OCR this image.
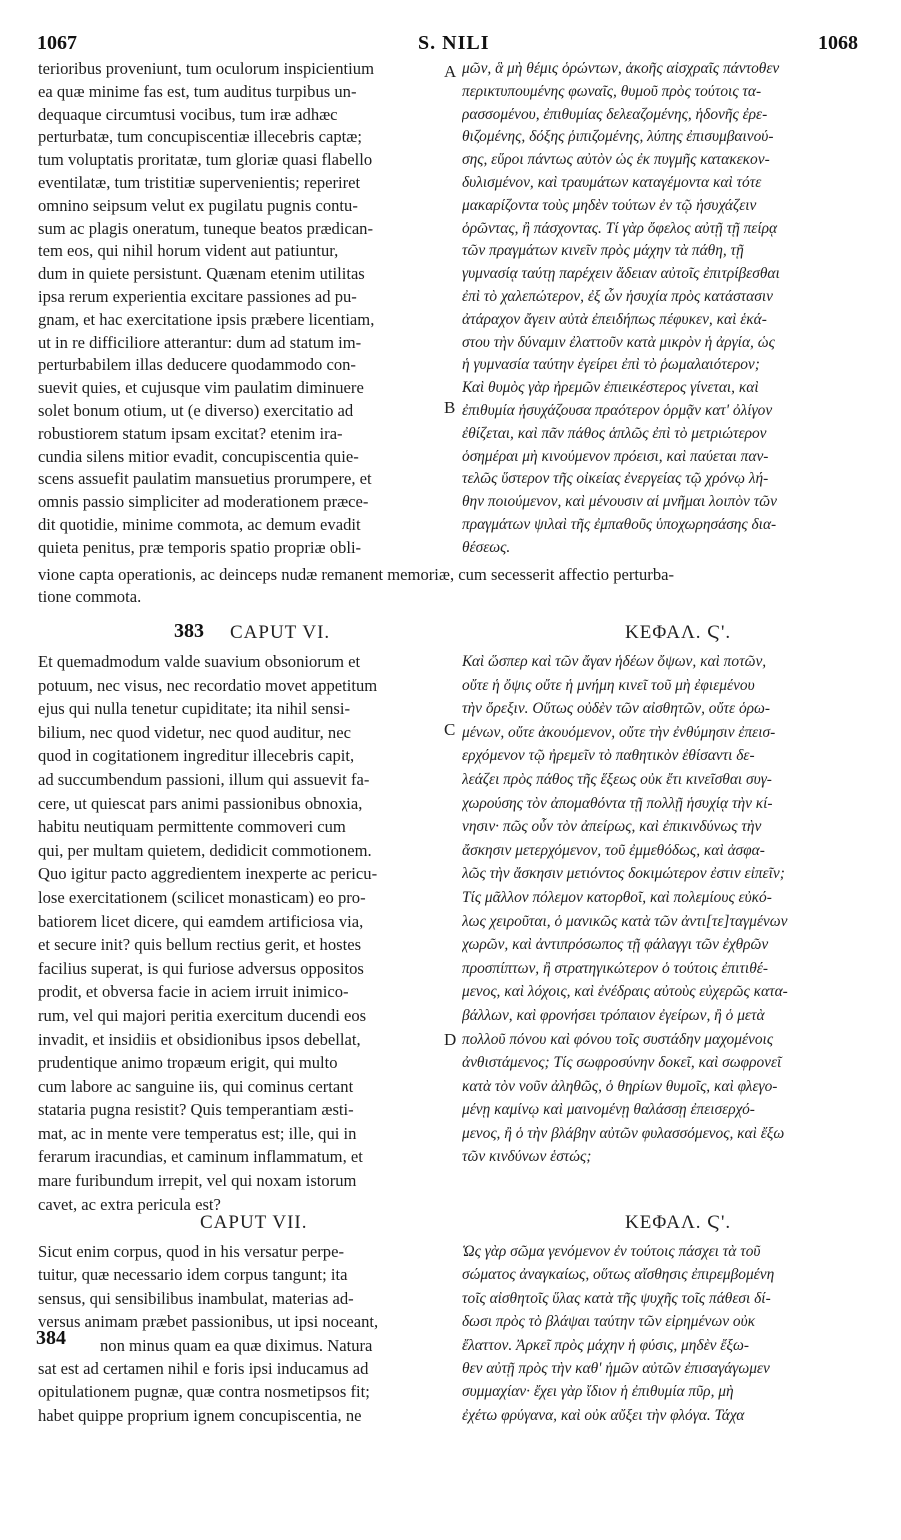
1067	S. NILI	1068
A
B
C
D
383
384
terioribus proveniunt, tum oculorum inspicientium
ea quæ minime fas est, tum auditus turpibus un-
dequaque circumtusi vocibus, tum iræ adhæc
perturbatæ, tum concupiscentiæ illecebris captæ;
tum voluptatis proritatæ, tum gloriæ quasi flabello
eventilatæ, tum tristitiæ supervenientis; reperiret
omnino seipsum velut ex pugilatu pugnis contu-
sum ac plagis oneratum, tuneque beatos prædican-
tem eos, qui nihil horum vident aut patiuntur,
dum in quiete persistunt. Quænam etenim utilitas
ipsa rerum experientia excitare passiones ad pu-
gnam, et hac exercitatione ipsis præbere licentiam,
ut in re difficiliore atterantur: dum ad statum im-
perturbabilem illas deducere quodammodo con-
suevit quies, et cujusque vim paulatim diminuere
solet bonum otium, ut (e diverso) exercitatio ad
robustiorem statum ipsam excitat? etenim ira-
cundia silens mitior evadit, concupiscentia quie-
scens assuefit paulatim mansuetius prorumpere, et
omnis passio simpliciter ad moderationem præce-
dit quotidie, minime commota, ac demum evadit
quieta penitus, præ temporis spatio propriæ obli-
μῶν, ἃ μὴ θέμις ὁρώντων, ἀκοῆς αἰσχραῖς πάντοθεν
περικτυπουμένης φωναῖς, θυμοῦ πρὸς τούτοις τα-
ρασσομένου, ἐπιθυμίας δελεαζομένης, ἡδονῆς ἐρε-
θιζομένης, δόξης ῥιπιζομένης, λύπης ἐπισυμβαινού-
σης, εὕροι πάντως αὐτὸν ὡς ἐκ πυγμῆς κατακεκον-
δυλισμένον, καὶ τραυμάτων καταγέμοντα καὶ τότε
μακαρίζοντα τοὺς μηδὲν τούτων ἐν τῷ ἡσυχάζειν
ὁρῶντας, ἢ πάσχοντας. Τί γὰρ ὄφελος αὐτῇ τῇ πείρᾳ
τῶν πραγμάτων κινεῖν πρὸς μάχην τὰ πάθη, τῇ
γυμνασίᾳ ταύτῃ παρέχειν ἄδειαν αὐτοῖς ἐπιτρίβεσθαι
ἐπὶ τὸ χαλεπώτερον, ἐξ ὧν ἡσυχία πρὸς κατάστασιν
ἀτάραχον ἄγειν αὐτὰ ἐπειδήπως πέφυκεν, καὶ ἑκά-
στου τὴν δύναμιν ἐλαττοῦν κατὰ μικρὸν ἡ ἀργία, ὡς
ἡ γυμνασία ταύτην ἐγείρει ἐπὶ τὸ ῥωμαλαιότερον;
Καὶ θυμὸς γὰρ ἠρεμῶν ἐπιεικέστερος γίνεται, καὶ
ἐπιθυμία ἡσυχάζουσα πραότερον ὁρμᾷν κατ' ὀλίγον
ἐθίζεται, καὶ πᾶν πάθος ἁπλῶς ἐπὶ τὸ μετριώτερον
ὁσημέραι μὴ κινούμενον πρόεισι, καὶ παύεται παν-
τελῶς ὕστερον τῆς οἰκείας ἐνεργείας τῷ χρόνῳ λή-
θην ποιούμενον, καὶ μένουσιν αἱ μνῆμαι λοιπὸν τῶν
πραγμάτων ψιλαὶ τῆς ἐμπαθοῦς ὑποχωρησάσης δια-
θέσεως.
vione capta operationis, ac deinceps nudæ remanent memoriæ, cum secesserit affectio perturba-
tione commota.
CAPUT VI.	ΚΕΦΑΛ. Ϛ'.
Et quemadmodum valde suavium obsoniorum et
potuum, nec visus, nec recordatio movet appetitum
ejus qui nulla tenetur cupiditate; ita nihil sensi-
bilium, nec quod videtur, nec quod auditur, nec
quod in cogitationem ingreditur illecebris capit,
ad succumbendum passioni, illum qui assuevit fa-
cere, ut quiescat pars animi passionibus obnoxia,
habitu neutiquam permittente commoveri cum
qui, per multam quietem, dedidicit commotionem.
Quo igitur pacto aggredientem inexperte ac pericu-
lose exercitationem (scilicet monasticam) eo pro-
batiorem licet dicere, qui eamdem artificiosa via,
et secure init? quis bellum rectius gerit, et hostes
facilius superat, is qui furiose adversus oppositos
prodit, et obversa facie in aciem irruit inimico-
rum, vel qui majori peritia exercitum ducendi eos
invadit, et insidiis et obsidionibus ipsos debellat,
prudentique animo tropæum erigit, qui multo
cum labore ac sanguine iis, qui cominus certant
stataria pugna resistit? Quis temperantiam æsti-
mat, ac in mente vere temperatus est; ille, qui in
ferarum iracundias, et caminum inflammatum, et
mare furibundum irrepit, vel qui noxam istorum
cavet, ac extra pericula est?
Καὶ ὥσπερ καὶ τῶν ἄγαν ἡδέων ὄψων, καὶ ποτῶν,
οὔτε ἡ ὄψις οὔτε ἡ μνήμη κινεῖ τοῦ μὴ ἐφιεμένου
τὴν ὄρεξιν. Οὕτως οὐδὲν τῶν αἰσθητῶν, οὔτε ὁρω-
μένων, οὔτε ἀκουόμενον, οὔτε τὴν ἐνθύμησιν ἐπεισ-
ερχόμενον τῷ ἠρεμεῖν τὸ παθητικὸν ἐθίσαντι δε-
λεάζει πρὸς πάθος τῆς ἕξεως οὐκ ἔτι κινεῖσθαι συγ-
χωρούσης τὸν ἀπομαθόντα τῇ πολλῇ ἡσυχίᾳ τὴν κί-
νησιν· πῶς οὖν τὸν ἀπείρως, καὶ ἐπικινδύνως τὴν
ἄσκησιν μετερχόμενον, τοῦ ἐμμεθόδως, καὶ ἀσφα-
λῶς τὴν ἄσκησιν μετιόντος δοκιμώτερον ἐστιν εἰπεῖν;
Τίς μᾶλλον πόλεμον κατορθοῖ, καὶ πολεμίους εὐκό-
λως χειροῦται, ὁ μανικῶς κατὰ τῶν ἀντι[τε]ταγμένων
χωρῶν, καὶ ἀντιπρόσωπος τῇ φάλαγγι τῶν ἐχθρῶν
προσπίπτων, ἢ στρατηγικώτερον ὁ τούτοις ἐπιτιθέ-
μενος, καὶ λόχοις, καὶ ἐνέδραις αὐτοὺς εὐχερῶς κατα-
βάλλων, καὶ φρονήσει τρόπαιον ἐγείρων, ἢ ὁ μετὰ
πολλοῦ πόνου καὶ φόνου τοῖς συστάδην μαχομένοις
ἀνθιστάμενος; Τίς σωφροσύνην δοκεῖ, καὶ σωφρονεῖ
κατὰ τὸν νοῦν ἀληθῶς, ὁ θηρίων θυμοῖς, καὶ φλεγο-
μένῃ καμίνῳ καὶ μαινομένῃ θαλάσσῃ ἐπεισερχό-
μενος, ἢ ὁ τὴν βλάβην αὐτῶν φυλασσόμενος, καὶ ἔξω
τῶν κινδύνων ἑστώς;
CAPUT VII.	ΚΕΦΑΛ. Ϛ'.
Sicut enim corpus, quod in his versatur perpe-
tuitur, quæ necessario idem corpus tangunt; ita
sensus, qui sensibilibus inambulat, materias ad-
versus animam præbet passionibus, ut ipsi noceant,
non minus quam ea quæ diximus. Natura
sat est ad certamen nihil e foris ipsi inducamus ad
opitulationem pugnæ, quæ contra nosmetipsos fit;
habet quippe proprium ignem concupiscentia, ne
Ὡς γὰρ σῶμα γενόμενον ἐν τούτοις πάσχει τὰ τοῦ
σώματος ἀναγκαίως, οὕτως αἴσθησις ἐπιρεμβομένη
τοῖς αἰσθητοῖς ὕλας κατὰ τῆς ψυχῆς τοῖς πάθεσι δί-
δωσι πρὸς τὸ βλάψαι ταύτην τῶν εἰρημένων οὐκ
ἔλαττον. Ἀρκεῖ πρὸς μάχην ἡ φύσις, μηδὲν ἔξω-
θεν αὐτῇ πρὸς τὴν καθ' ἡμῶν αὐτῶν ἐπισαγάγωμεν
συμμαχίαν· ἔχει γὰρ ἴδιον ἡ ἐπιθυμία πῦρ, μὴ
ἐχέτω φρύγανα, καὶ οὐκ αὔξει τὴν φλόγα. Τάχα
